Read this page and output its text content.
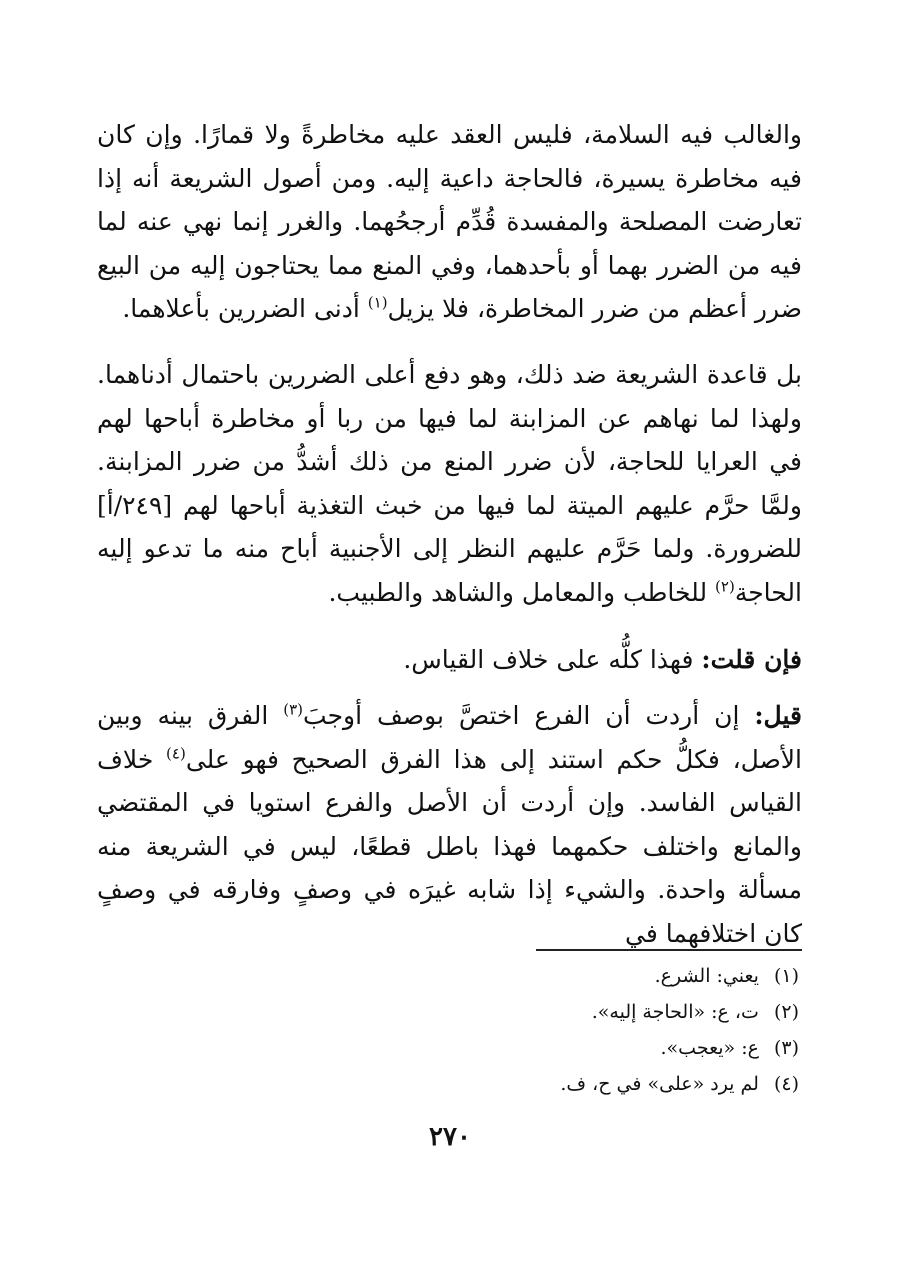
والغالب فيه السلامة، فليس العقد عليه مخاطرةً ولا قمارًا. وإن كان فيه مخاطرة يسيرة، فالحاجة داعية إليه. ومن أصول الشريعة أنه إذا تعارضت المصلحة والمفسدة قُدِّم أرجحُهما. والغرر إنما نهي عنه لما فيه من الضرر بهما أو بأحدهما، وفي المنع مما يحتاجون إليه من البيع ضرر أعظم من ضرر المخاطرة، فلا يزيل$^{(١)}$ أدنى الضررين بأعلاهما.

بل قاعدة الشريعة ضد ذلك، وهو دفع أعلى الضررين باحتمال أدناهما. ولهذا لما نهاهم عن المزابنة لما فيها من ربا أو مخاطرة أباحها لهم في العرايا للحاجة، لأن ضرر المنع من ذلك أشدُّ من ضرر المزابنة. ولمَّا حرَّم عليهم الميتة لما فيها من خبث التغذية أباحها لهم [٢٤٩/أ] للضرورة. ولما حَرَّم عليهم النظر إلى الأجنبية أباح منه ما تدعو إليه الحاجة$^{(٢)}$ للخاطب والمعامل والشاهد والطبيب.

فإن قلت: فهذا كلُّه على خلاف القياس.

قيل: إن أردت أن الفرع اختصَّ بوصف أوجبَ$^{(٣)}$ الفرق بينه وبين الأصل، فكلُّ حكم استند إلى هذا الفرق الصحيح فهو على$^{(٤)}$ خلاف القياس الفاسد. وإن أردت أن الأصل والفرع استويا في المقتضي والمانع واختلف حكمهما فهذا باطل قطعًا، ليس في الشريعة منه مسألة واحدة. والشيء إذا شابه غيرَه في وصفٍ وفارقه في وصفٍ كان اختلافهما في

(١) يعني: الشرع.
(٢) ت، ع: «الحاجة إليه».
(٣) ع: «يعجب».
(٤) لم يرد «على» في ح، ف.
٢٧٠
